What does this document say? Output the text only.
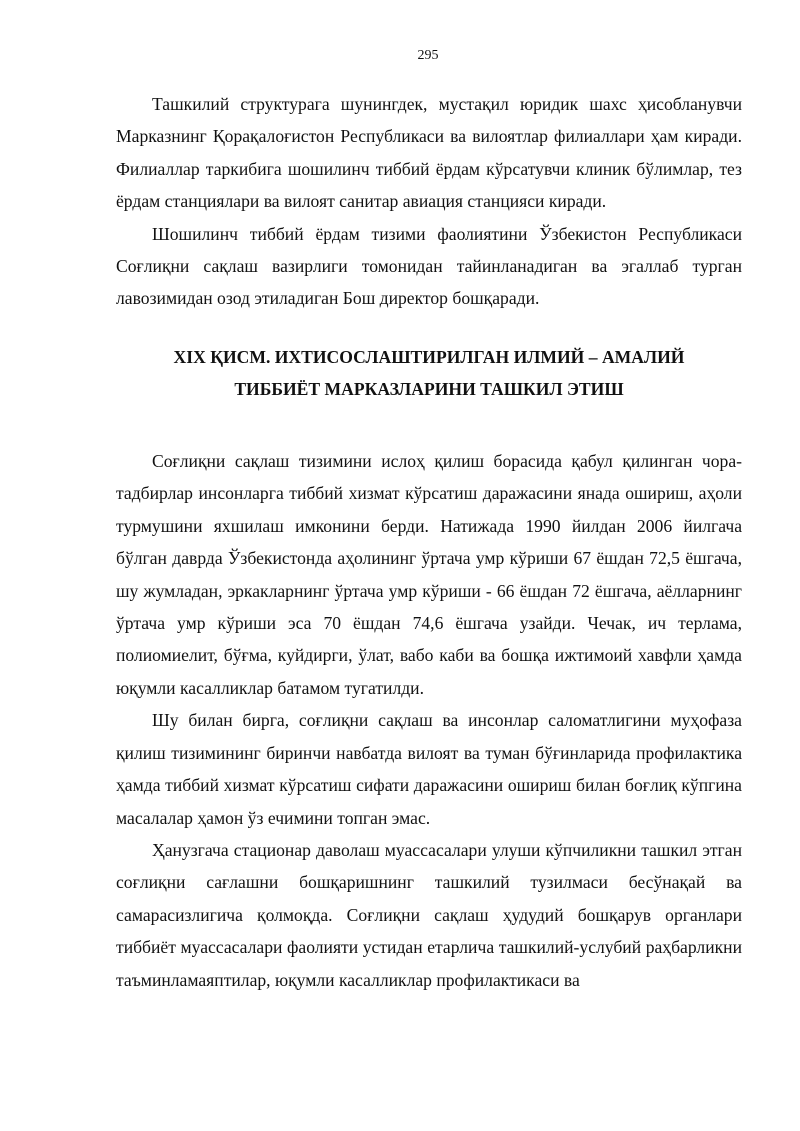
295

Ташкилий структурага шунингдек, мустақил юридик шахс ҳисобланувчи Марказнинг Қорақалоғистон Республикаси ва вилоятлар филиаллари ҳам киради. Филиаллар таркибига шошилинч тиббий ёрдам кўрсатувчи клиник бўлимлар, тез ёрдам станциялари ва вилоят санитар авиация станцияси киради.

Шошилинч тиббий ёрдам тизими фаолиятини Ўзбекистон Республикаси Соғлиқни сақлаш вазирлиги томонидан тайинланадиган ва эгаллаб турган лавозимидан озод этиладиган Бош директор бошқаради.

XIX ҚИСМ. ИХТИСОСЛАШТИРИЛГАН ИЛМИЙ – АМАЛИЙ
ТИББИЁТ МАРКАЗЛАРИНИ ТАШКИЛ ЭТИШ

Соғлиқни сақлаш тизимини ислоҳ қилиш борасида қабул қилинган чора-тадбирлар инсонларга тиббий хизмат кўрсатиш даражасини янада ошириш, аҳоли турмушини яхшилаш имконини берди. Натижада 1990 йилдан 2006 йилгача бўлган даврда Ўзбекистонда аҳолининг ўртача умр кўриши 67 ёшдан 72,5 ёшгача, шу жумладан, эркакларнинг ўртача умр кўриши - 66 ёшдан 72 ёшгача, аёлларнинг ўртача умр кўриши эса 70 ёшдан 74,6 ёшгача узайди. Чечак, ич терлама, полиомиелит, бўғма, куйдирги, ўлат, вабо каби ва бошқа ижтимоий хавфли ҳамда юқумли касалликлар батамом тугатилди.

Шу билан бирга, соғлиқни сақлаш ва инсонлар саломатлигини муҳофаза қилиш тизимининг биринчи навбатда вилоят ва туман бўғинларида профилактика ҳамда тиббий хизмат кўрсатиш сифати даражасини ошириш билан боғлиқ кўпгина масалалар ҳамон ўз ечимини топган эмас.

Ҳанузгача стационар даволаш муассасалари улуши кўпчиликни ташкил этган соғлиқни сағлашни бошқаришнинг ташкилий тузилмаси бесўнақай ва самарасизлигича қолмоқда. Соғлиқни сақлаш ҳудудий бошқарув органлари тиббиёт муассасалари фаолияти устидан етарлича ташкилий-услубий раҳбарликни таъминламаяптилар, юқумли касалликлар профилактикаси ва
